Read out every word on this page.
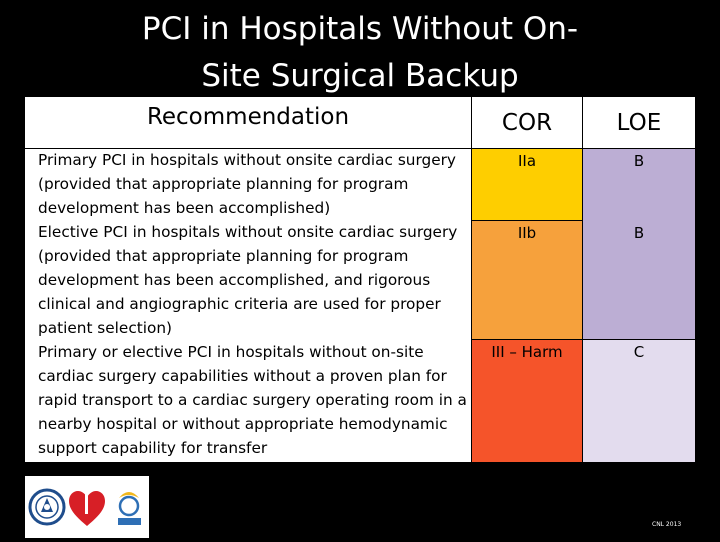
PCI in Hospitals Without On-
Site Surgical Backup
Recommendation	COR	LOE
Primary PCI in hospitals without onsite cardiac surgery (provided that appropriate planning for program development has been accomplished)
Elective PCI in hospitals without onsite cardiac surgery (provided that appropriate planning for program development has been accomplished, and rigorous clinical and angiographic criteria are used for proper patient selection)
Primary or elective PCI in hospitals without on-site cardiac surgery capabilities without a proven plan for rapid transport to a cardiac surgery operating room in a nearby hospital or without appropriate hemodynamic support capability for transfer
IIa
IIb
III – Harm
B
B
C
CNL 2013
